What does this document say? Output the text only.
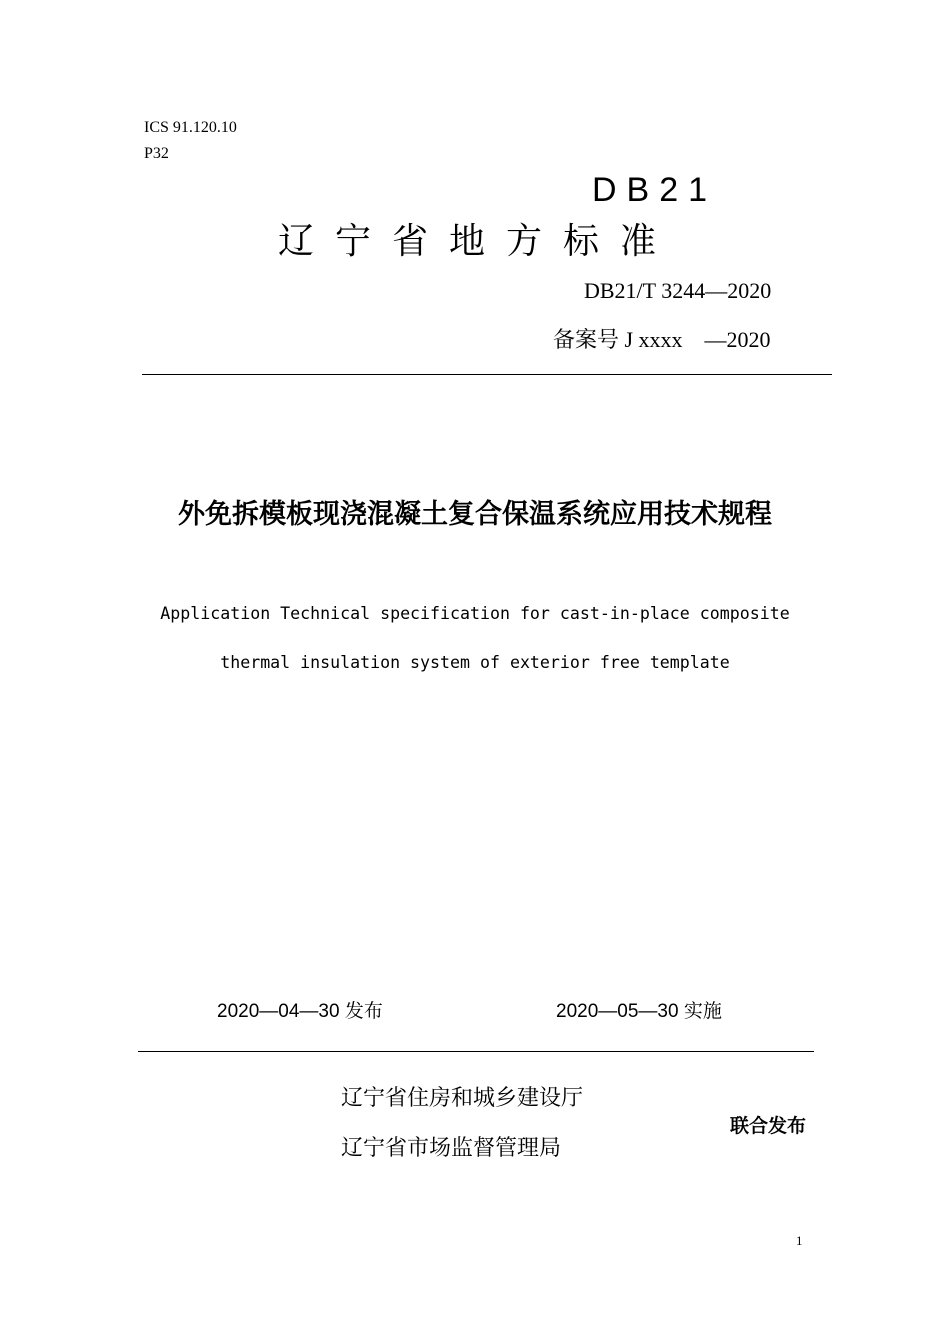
ICS 91.120.10
P32
DB21
辽宁省地方标准
DB21/T 3244—2020
备案号 J xxxx　—2020
外免拆模板现浇混凝土复合保温系统应用技术规程
Application Technical specification for cast-in-place composite
thermal insulation system of exterior free template
2020—04—30 发布	2020—05—30 实施
辽宁省住房和城乡建设厅
辽宁省市场监督管理局
联合发布
1
